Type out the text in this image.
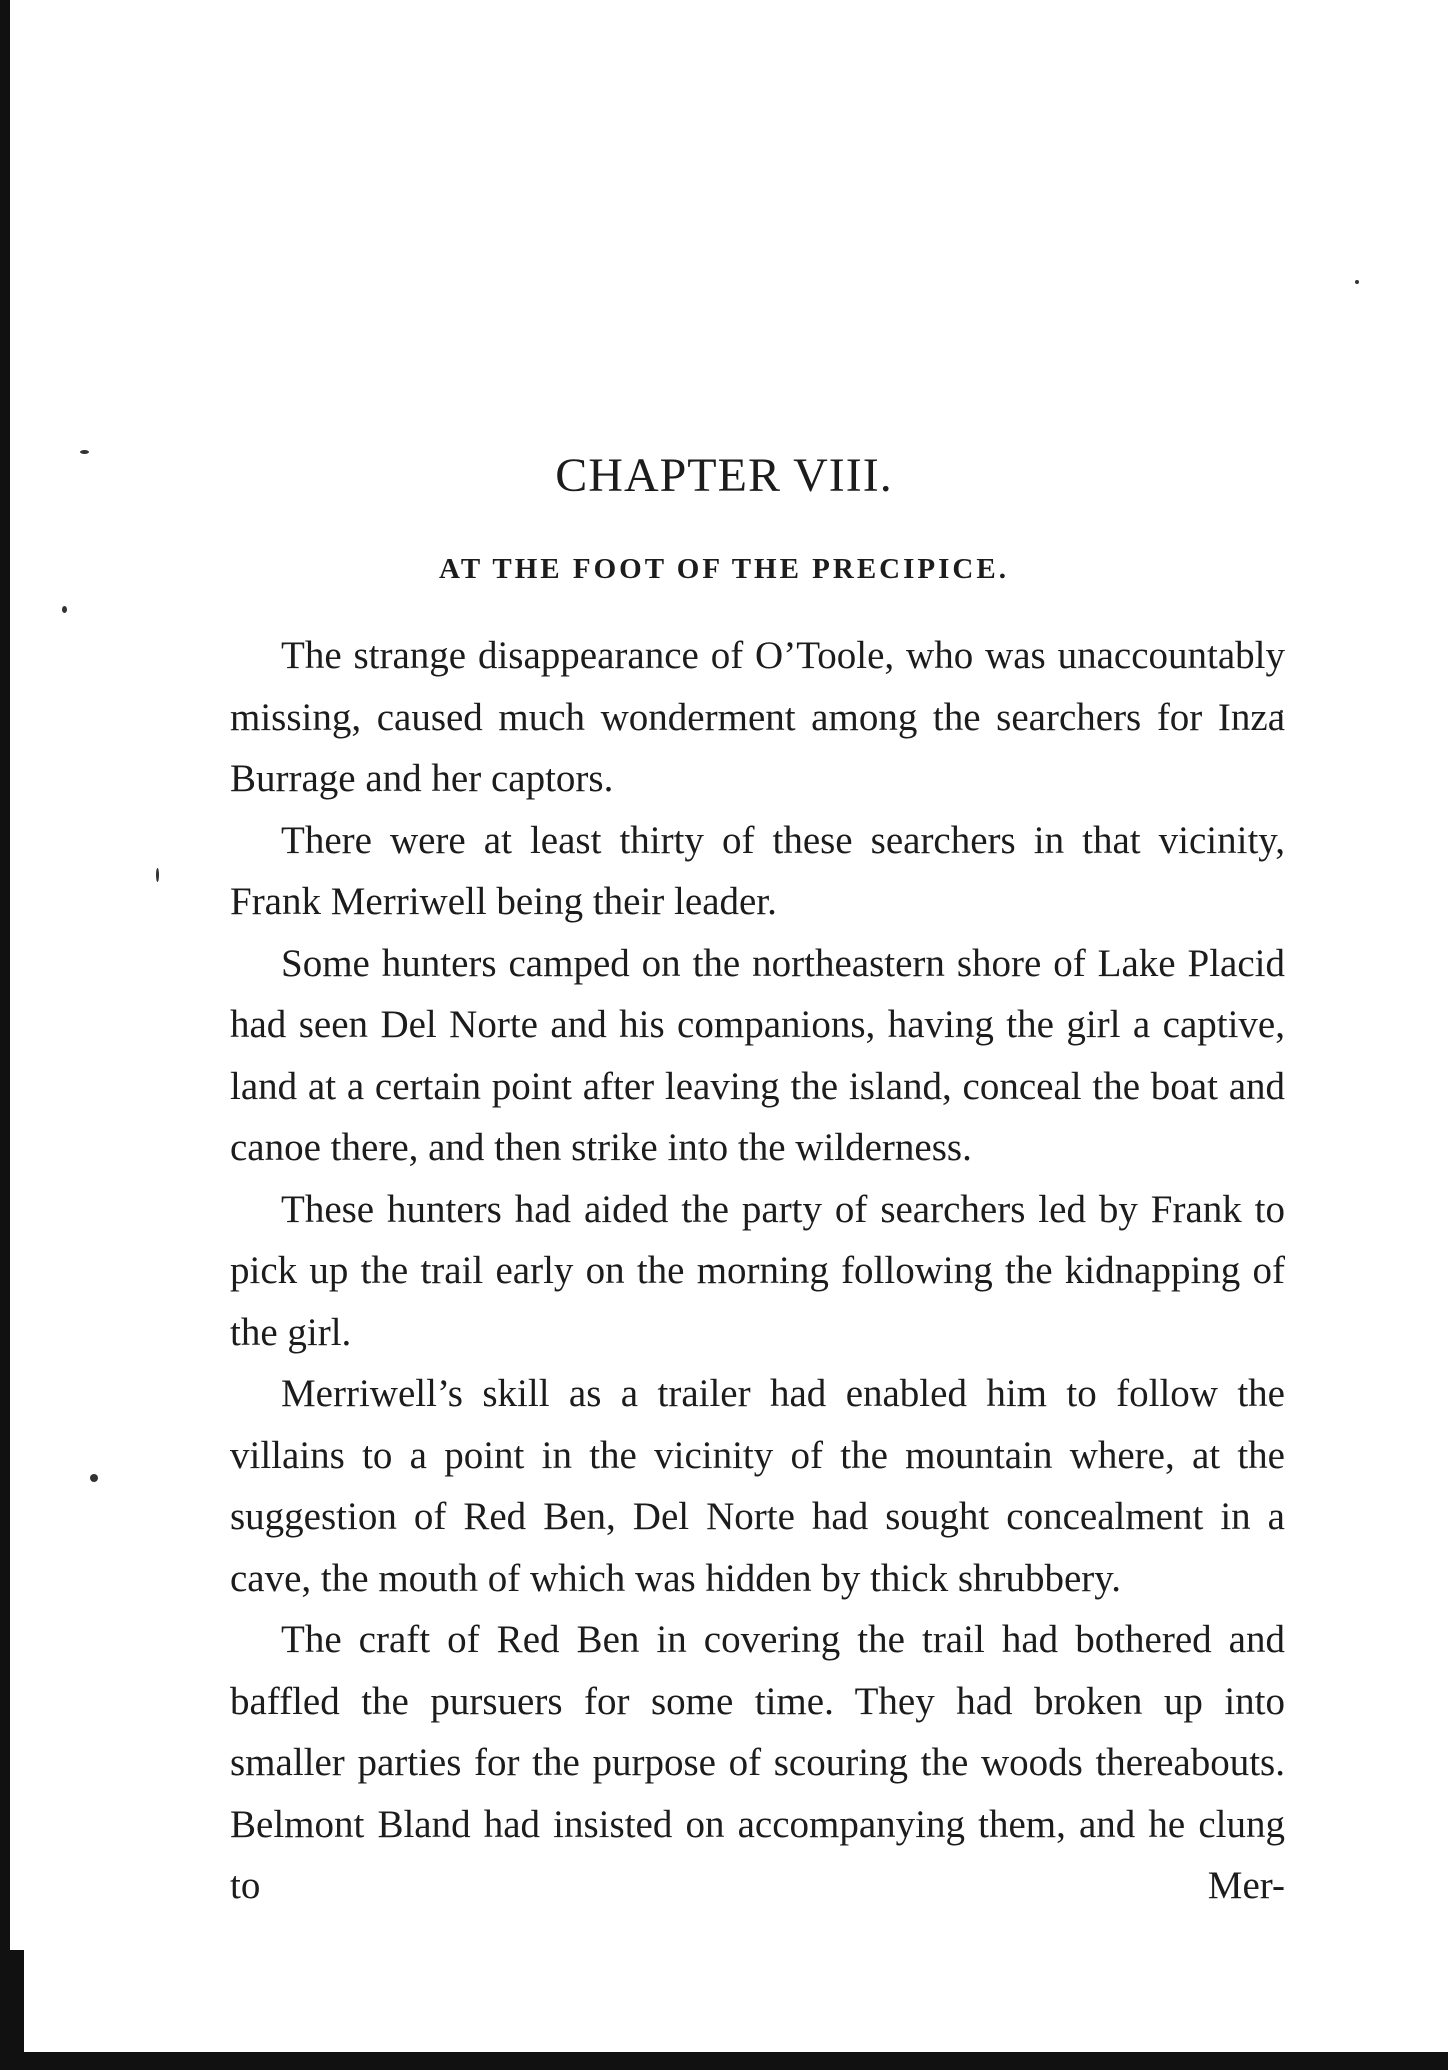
CHAPTER VIII.
AT THE FOOT OF THE PRECIPICE.

The strange disappearance of O’Toole, who was unaccountably missing, caused much wonderment among the searchers for Inza Burrage and her captors.

There were at least thirty of these searchers in that vicinity, Frank Merriwell being their leader.

Some hunters camped on the northeastern shore of Lake Placid had seen Del Norte and his companions, having the girl a captive, land at a certain point after leaving the island, conceal the boat and canoe there, and then strike into the wilderness.

These hunters had aided the party of searchers led by Frank to pick up the trail early on the morning following the kidnapping of the girl.

Merriwell’s skill as a trailer had enabled him to follow the villains to a point in the vicinity of the mountain where, at the suggestion of Red Ben, Del Norte had sought concealment in a cave, the mouth of which was hidden by thick shrubbery.

The craft of Red Ben in covering the trail had bothered and baffled the pursuers for some time. They had broken up into smaller parties for the purpose of scouring the woods thereabouts. Belmont Bland had insisted on accompanying them, and he clung to Mer-
